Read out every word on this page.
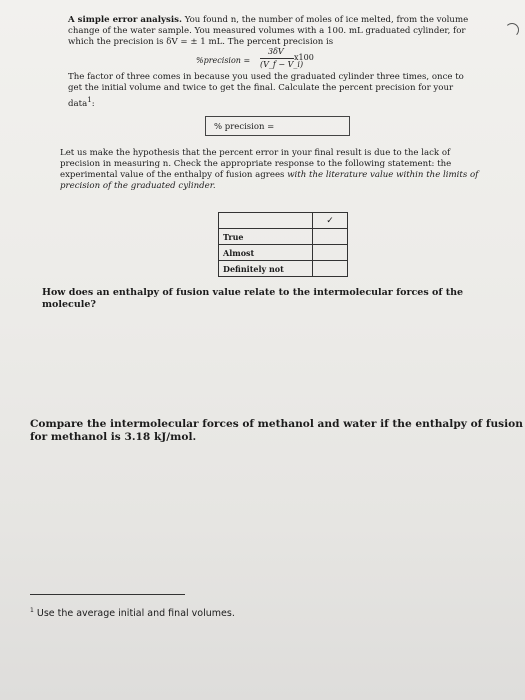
A simple error analysis. You found n, the number of moles of ice melted, from the volume change of the water sample. You measured volumes with a 100. mL graduated cylinder, for which the precision is δV = ± 1 mL. The percent precision is
%precision =
3δV
(V_f − V_i)
x100
The factor of three comes in because you used the graduated cylinder three times, once to get the initial volume and twice to get the final. Calculate the percent precision for your data$^1$:
% precision =
Let us make the hypothesis that the percent error in your final result is due to the lack of precision in measuring n. Check the appropriate response to the following statement: the experimental value of the enthalpy of fusion agrees with the literature value within the limits of precision of the graduated cylinder.
	✓
True	
Almost	
Definitely not	
How does an enthalpy of fusion value relate to the intermolecular forces of the molecule?
Compare the intermolecular forces of methanol and water if the enthalpy of fusion for methanol is 3.18 kJ/mol.
$^1$ Use the average initial and final volumes.
